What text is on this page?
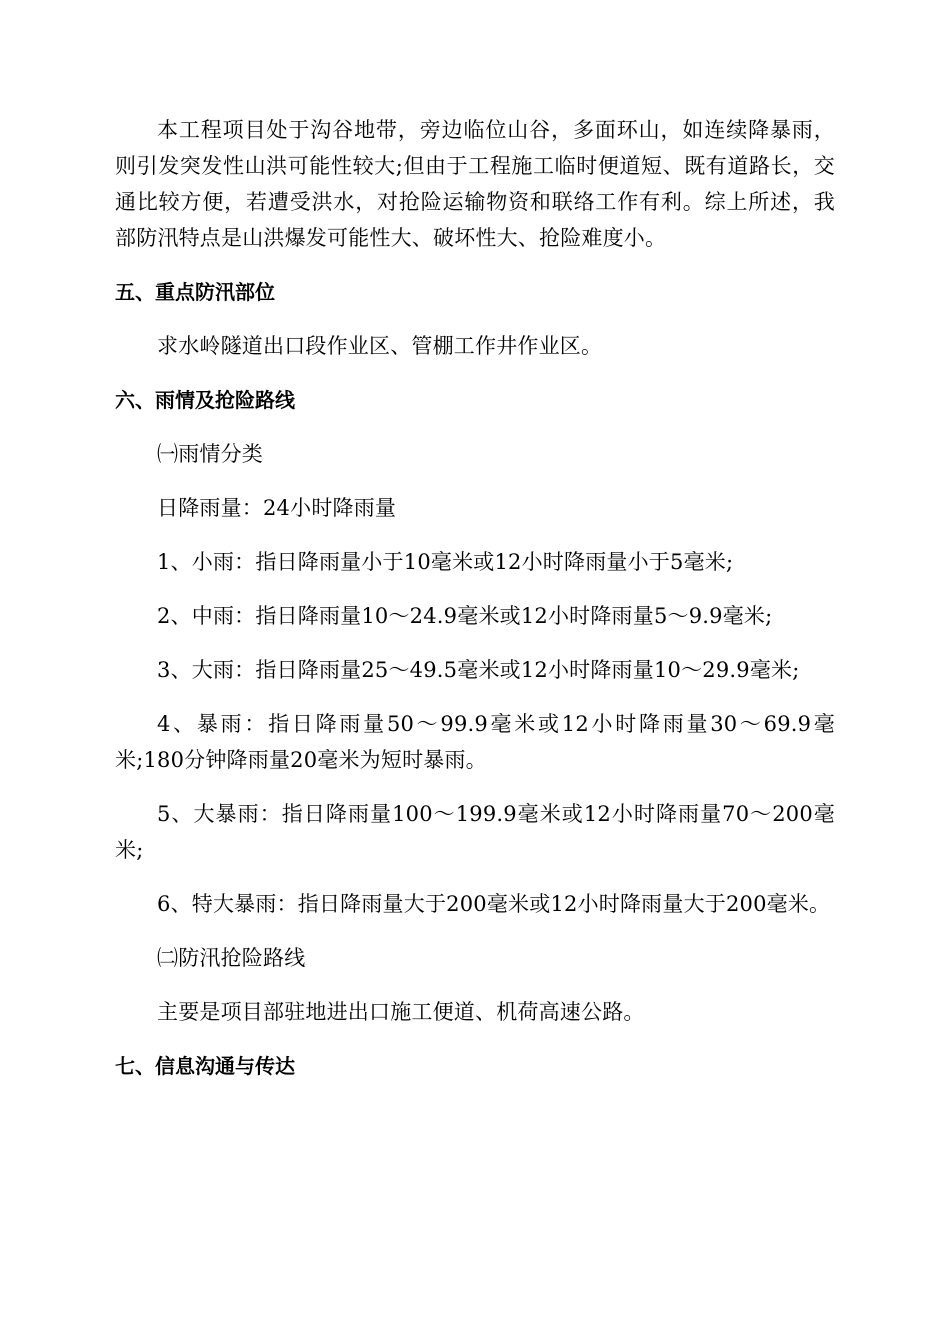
本工程项目处于沟谷地带，旁边临位山谷，多面环山，如连续降暴雨，则引发突发性山洪可能性较大;但由于工程施工临时便道短、既有道路长，交通比较方便，若遭受洪水，对抢险运输物资和联络工作有利。综上所述，我部防汛特点是山洪爆发可能性大、破坏性大、抢险难度小。

五、重点防汛部位

求水岭隧道出口段作业区、管棚工作井作业区。

六、雨情及抢险路线

㈠雨情分类

日降雨量：24小时降雨量

1、小雨：指日降雨量小于10毫米或12小时降雨量小于5毫米;

2、中雨：指日降雨量10～24.9毫米或12小时降雨量5～9.9毫米;

3、大雨：指日降雨量25～49.5毫米或12小时降雨量10～29.9毫米;

4、暴雨：指日降雨量50～99.9毫米或12小时降雨量30～69.9毫米;180分钟降雨量20毫米为短时暴雨。

5、大暴雨：指日降雨量100～199.9毫米或12小时降雨量70～200毫米;

6、特大暴雨：指日降雨量大于200毫米或12小时降雨量大于200毫米。

㈡防汛抢险路线

主要是项目部驻地进出口施工便道、机荷高速公路。

七、信息沟通与传达
